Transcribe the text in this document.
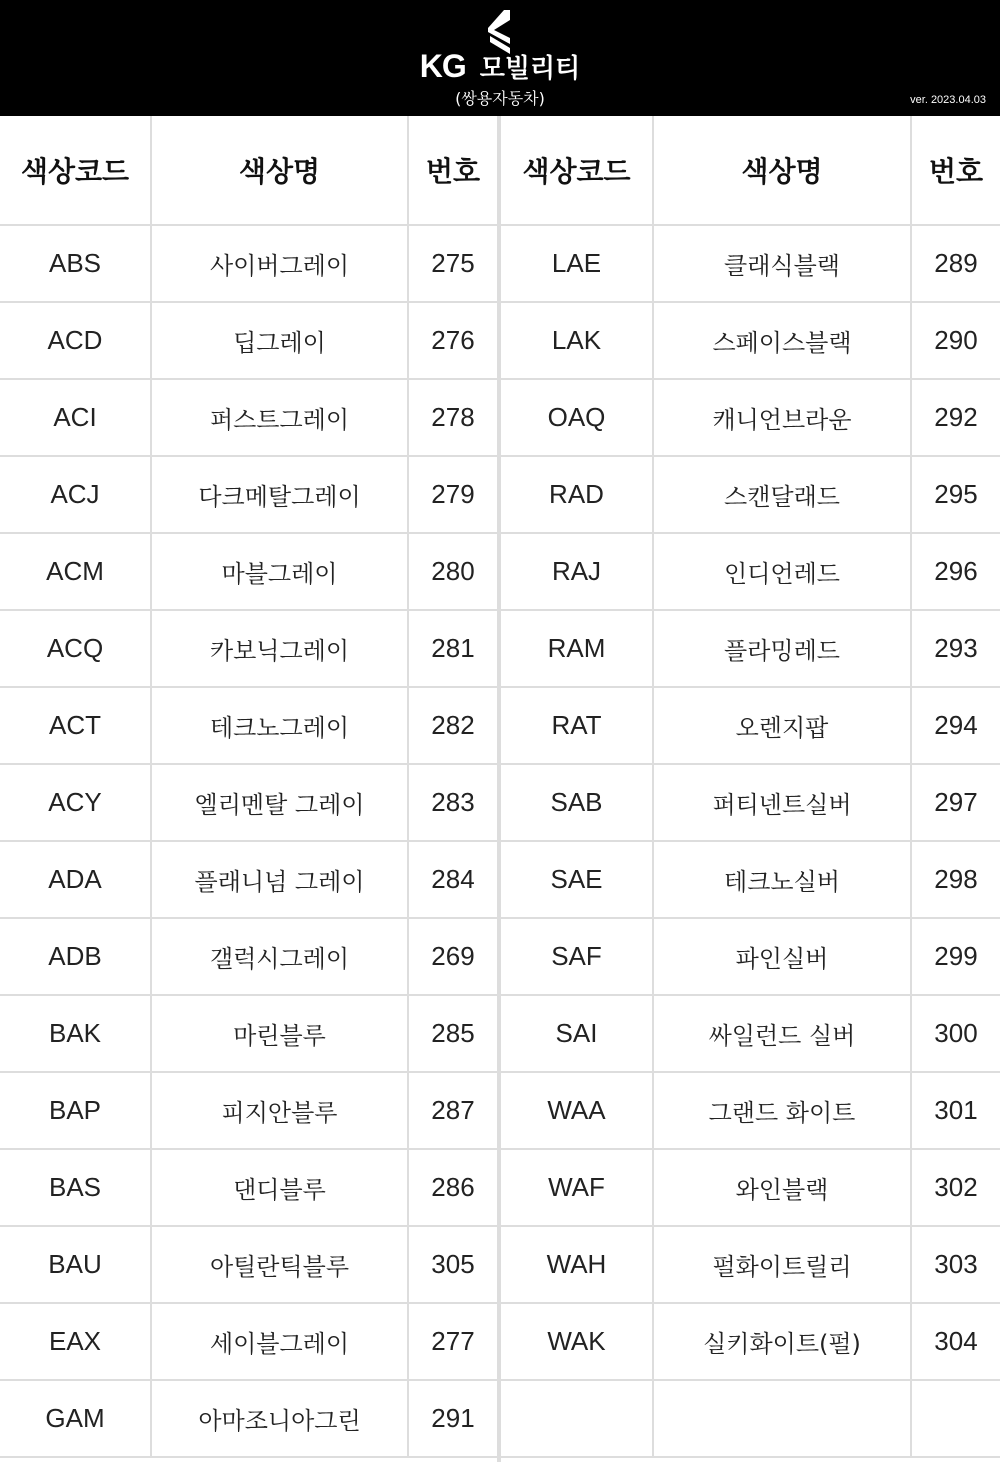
KG 모빌리티
(쌍용자동차)	ver. 2023.04.03
색상코드	색상명	번호
ABS	사이버그레이	275
ACD	딥그레이	276
ACI	퍼스트그레이	278
ACJ	다크메탈그레이	279
ACM	마블그레이	280
ACQ	카보닉그레이	281
ACT	테크노그레이	282
ACY	엘리멘탈 그레이	283
ADA	플래니넘 그레이	284
ADB	갤럭시그레이	269
BAK	마린블루	285
BAP	피지안블루	287
BAS	댄디블루	286
BAU	아틸란틱블루	305
EAX	세이블그레이	277
GAM	아마조니아그린	291
색상코드	색상명	번호
LAE	클래식블랙	289
LAK	스페이스블랙	290
OAQ	캐니언브라운	292
RAD	스캔달래드	295
RAJ	인디언레드	296
RAM	플라밍레드	293
RAT	오렌지팝	294
SAB	퍼티넨트실버	297
SAE	테크노실버	298
SAF	파인실버	299
SAI	싸일런드 실버	300
WAA	그랜드 화이트	301
WAF	와인블랙	302
WAH	펄화이트릴리	303
WAK	실키화이트(펄)	304
